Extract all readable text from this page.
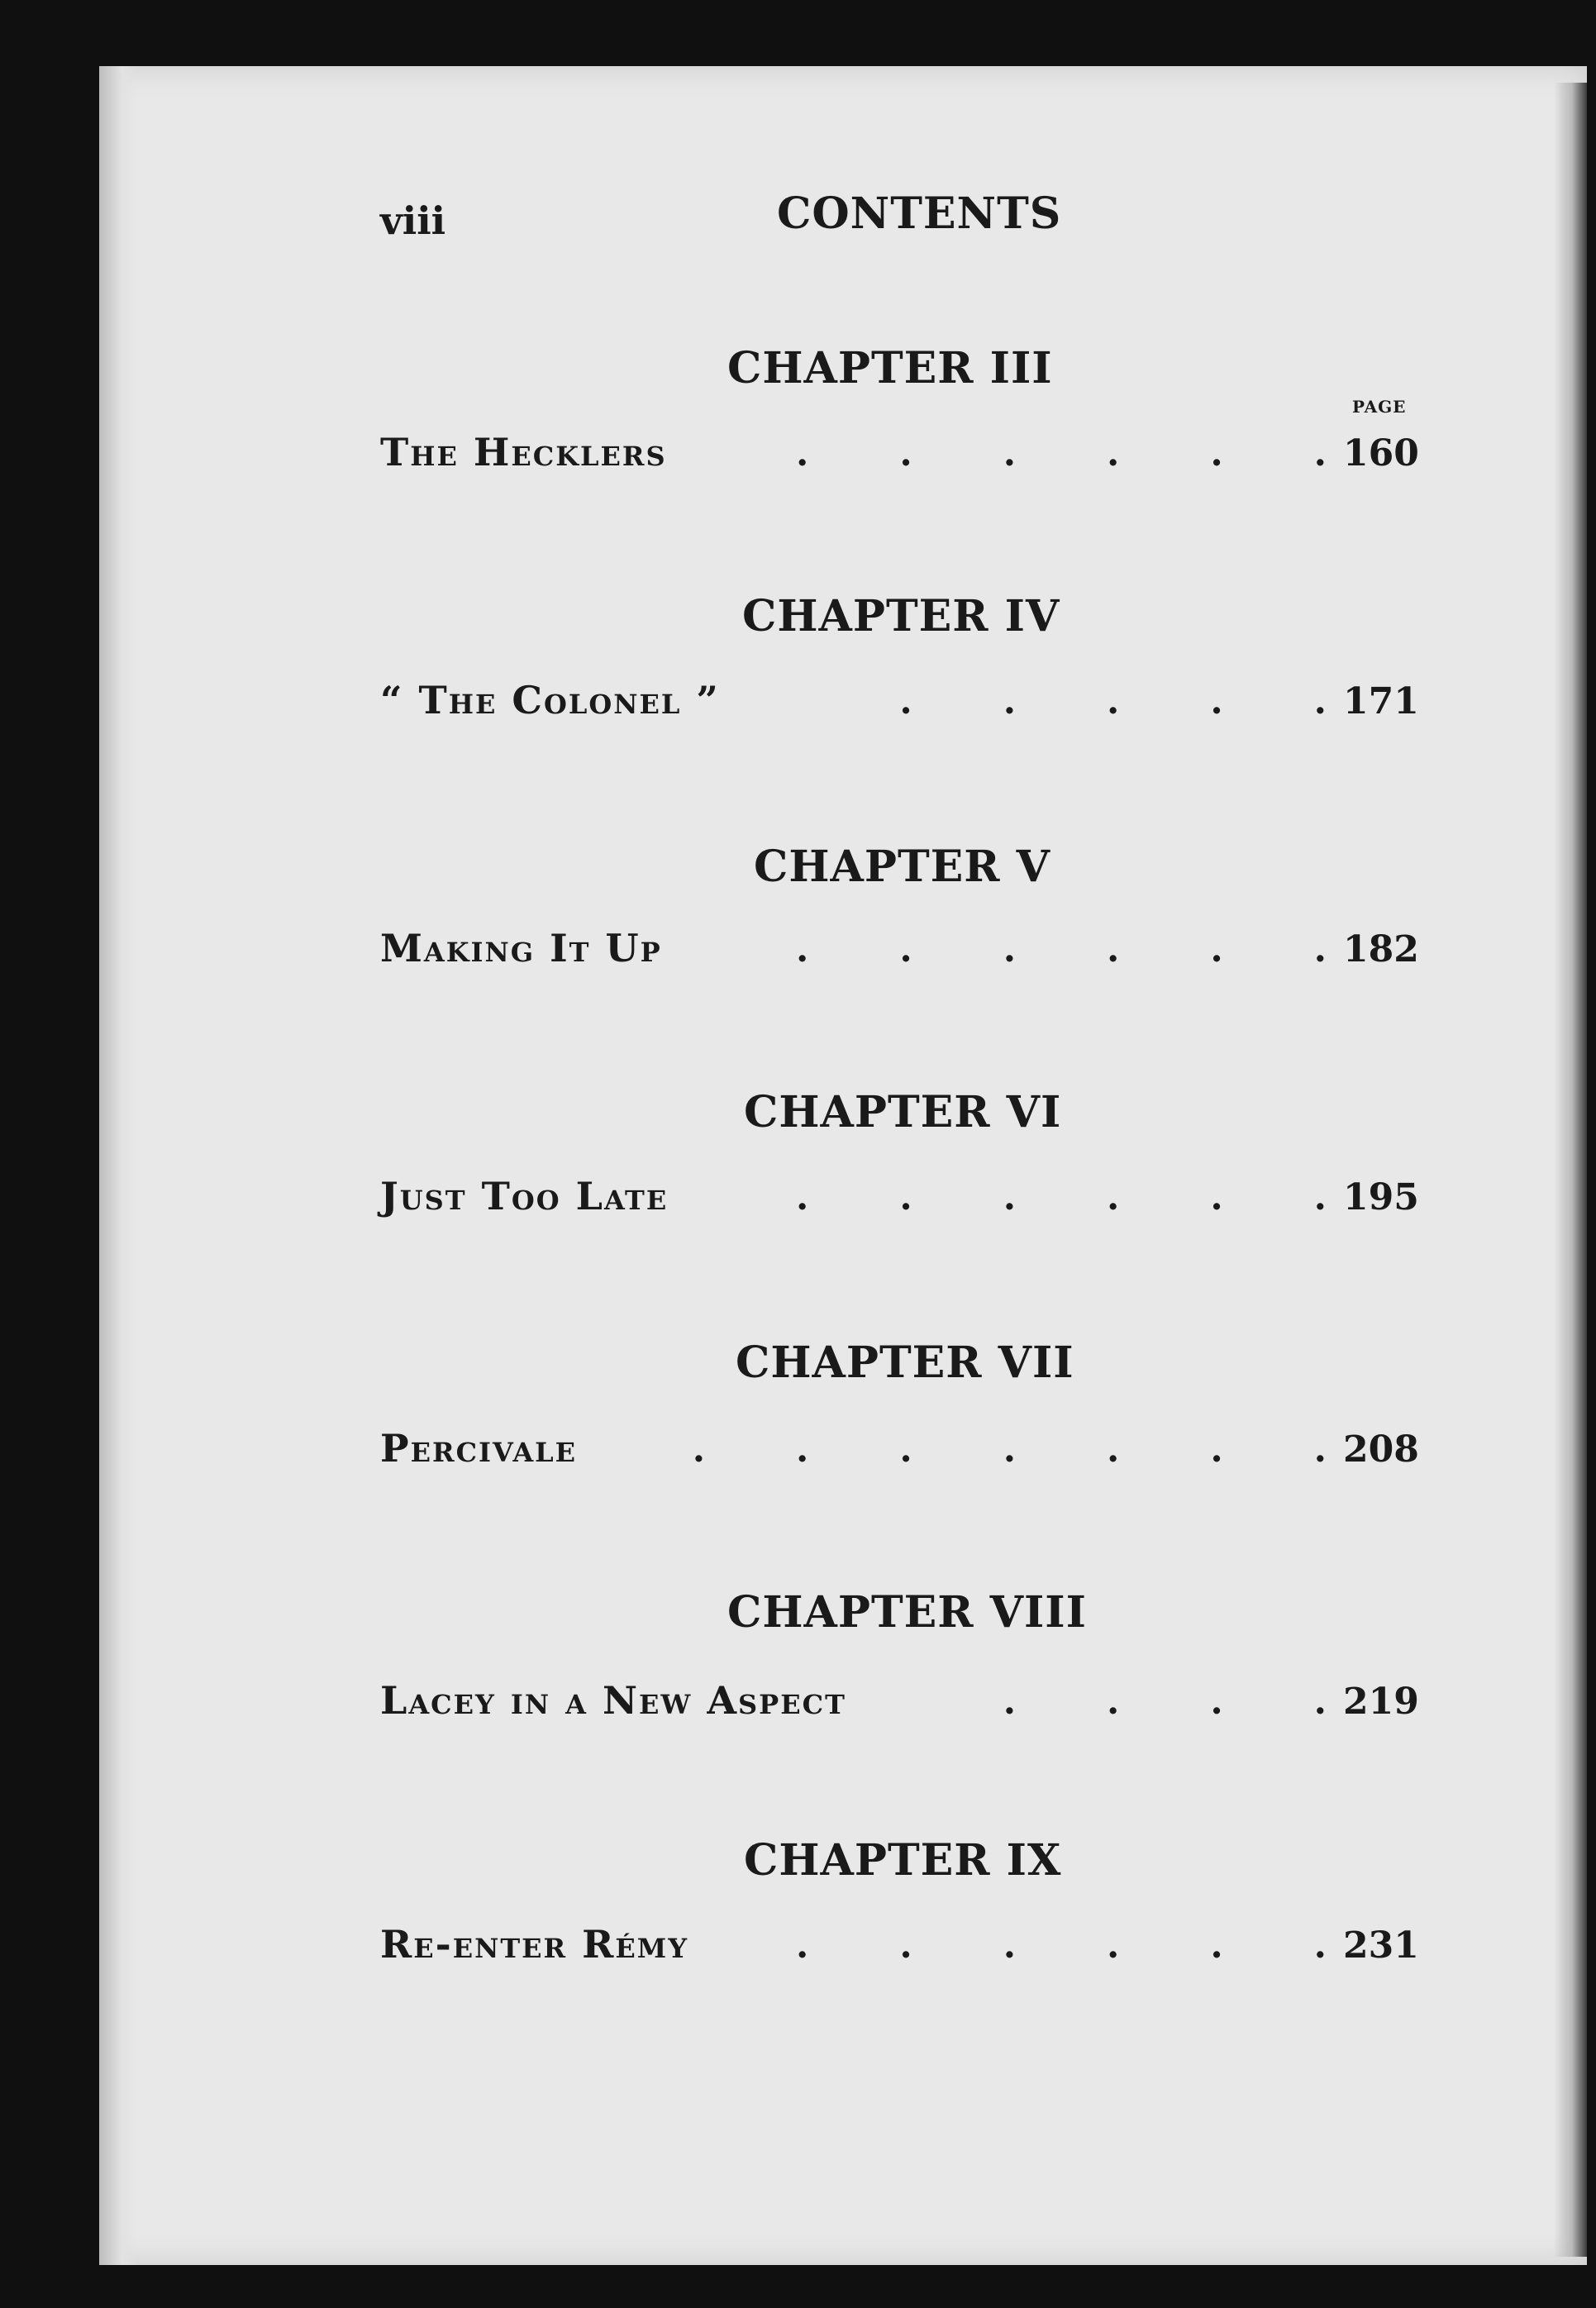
viii	CONTENTS
PAGE
CHAPTER III
The Hecklers	.	.	.	.	.	. 160
CHAPTER IV
“ The Colonel ”	.	.	.	.	. 171
CHAPTER V
Making It Up	.	.	.	.	.	. 182
CHAPTER VI
Just Too Late	.	.	.	.	.	. 195
CHAPTER VII
Percivale	.	.	.	.	.	.	. 208
CHAPTER VIII
Lacey in a New Aspect	.	.	.	. 219
CHAPTER IX
Re-enter Rémy	.	.	.	.	.	. 231
